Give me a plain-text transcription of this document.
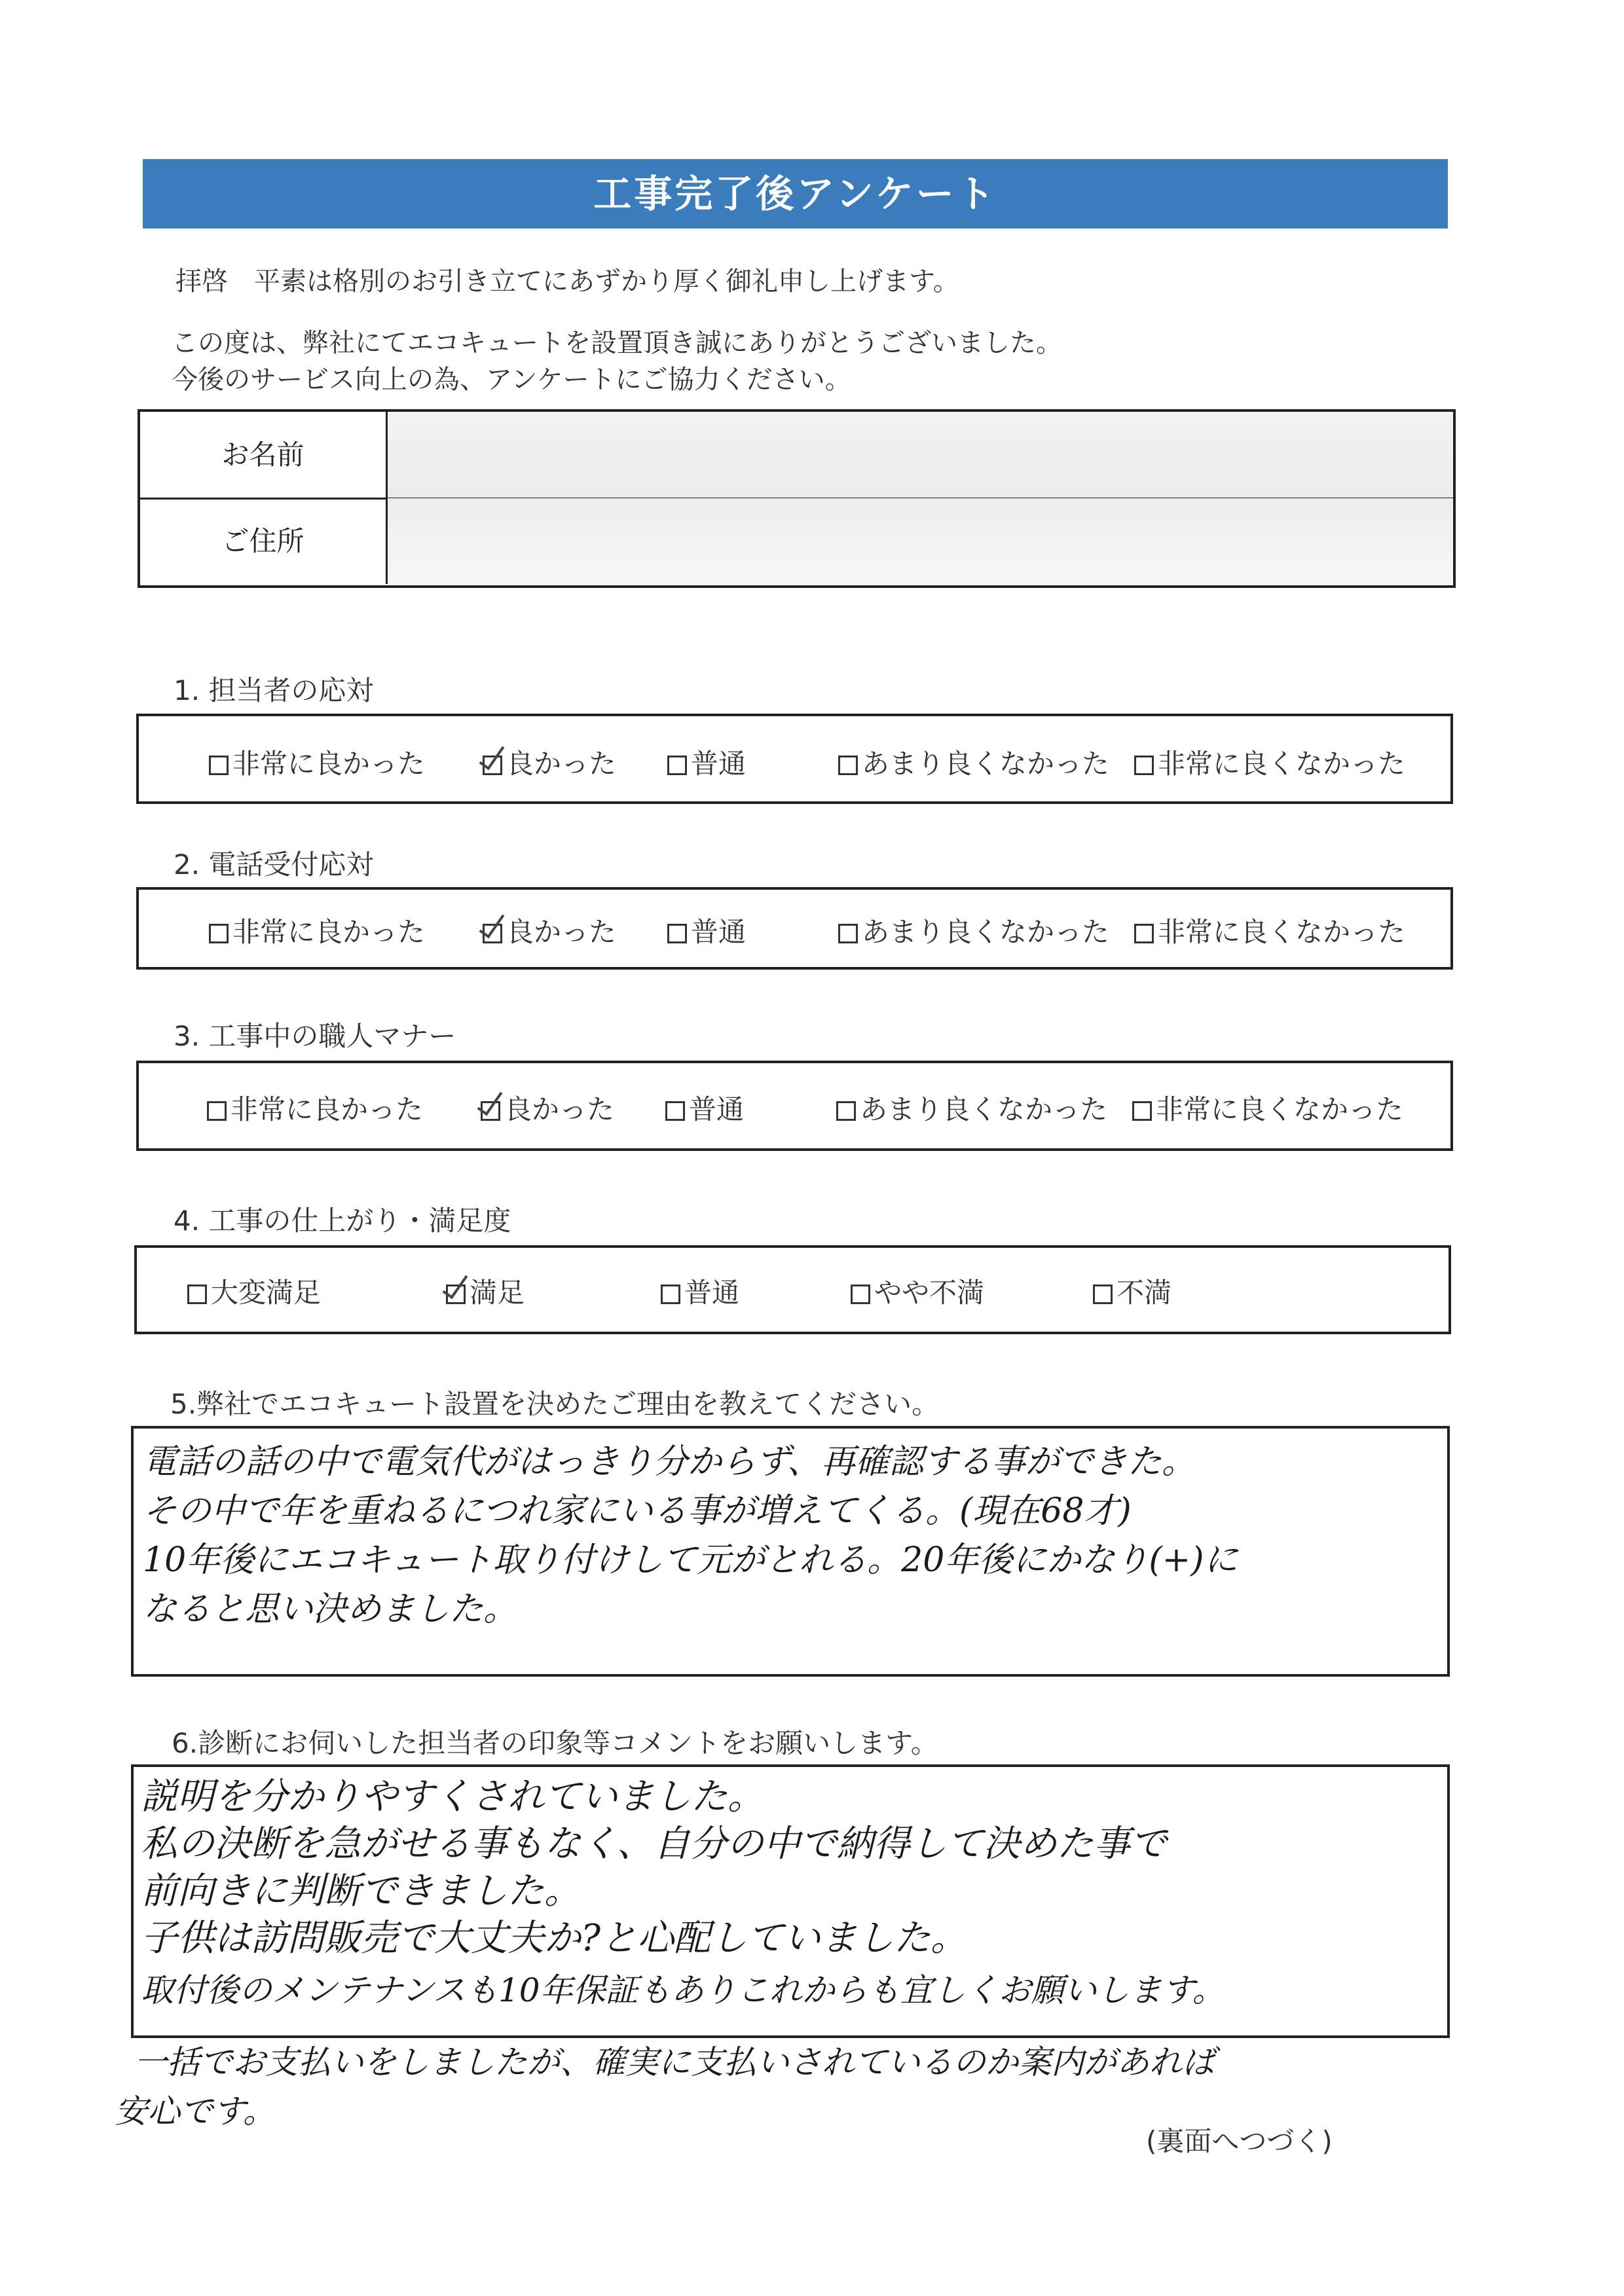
工事完了後アンケート
拝啓　平素は格別のお引き立てにあずかり厚く御礼申し上げます。
この度は、弊社にてエコキュートを設置頂き誠にありがとうございました。
今後のサービス向上の為、アンケートにご協力ください。
お名前
ご住所
1. 担当者の応対
非常に良かった	良かった	普通	あまり良くなかった	非常に良くなかった
2. 電話受付応対
非常に良かった	良かった	普通	あまり良くなかった	非常に良くなかった
3. 工事中の職人マナー
非常に良かった	良かった	普通	あまり良くなかった	非常に良くなかった
4. 工事の仕上がり・満足度
大変満足	満足	普通	やや不満	不満
5.弊社でエコキュート設置を決めたご理由を教えてください。
電話の話の中で電気代がはっきり分からず、再確認する事ができた。
その中で年を重ねるにつれ家にいる事が増えてくる。(現在68才)
10年後にエコキュート取り付けして元がとれる。20年後にかなり(+)に
なると思い決めました。
6.診断にお伺いした担当者の印象等コメントをお願いします。
説明を分かりやすくされていました。
私の決断を急がせる事もなく、自分の中で納得して決めた事で
前向きに判断できました。
子供は訪問販売で大丈夫か?と心配していました。
取付後のメンテナンスも10年保証もありこれからも宜しくお願いします。
一括でお支払いをしましたが、確実に支払いされているのか案内があれば
安心です。
(裏面へつづく)
